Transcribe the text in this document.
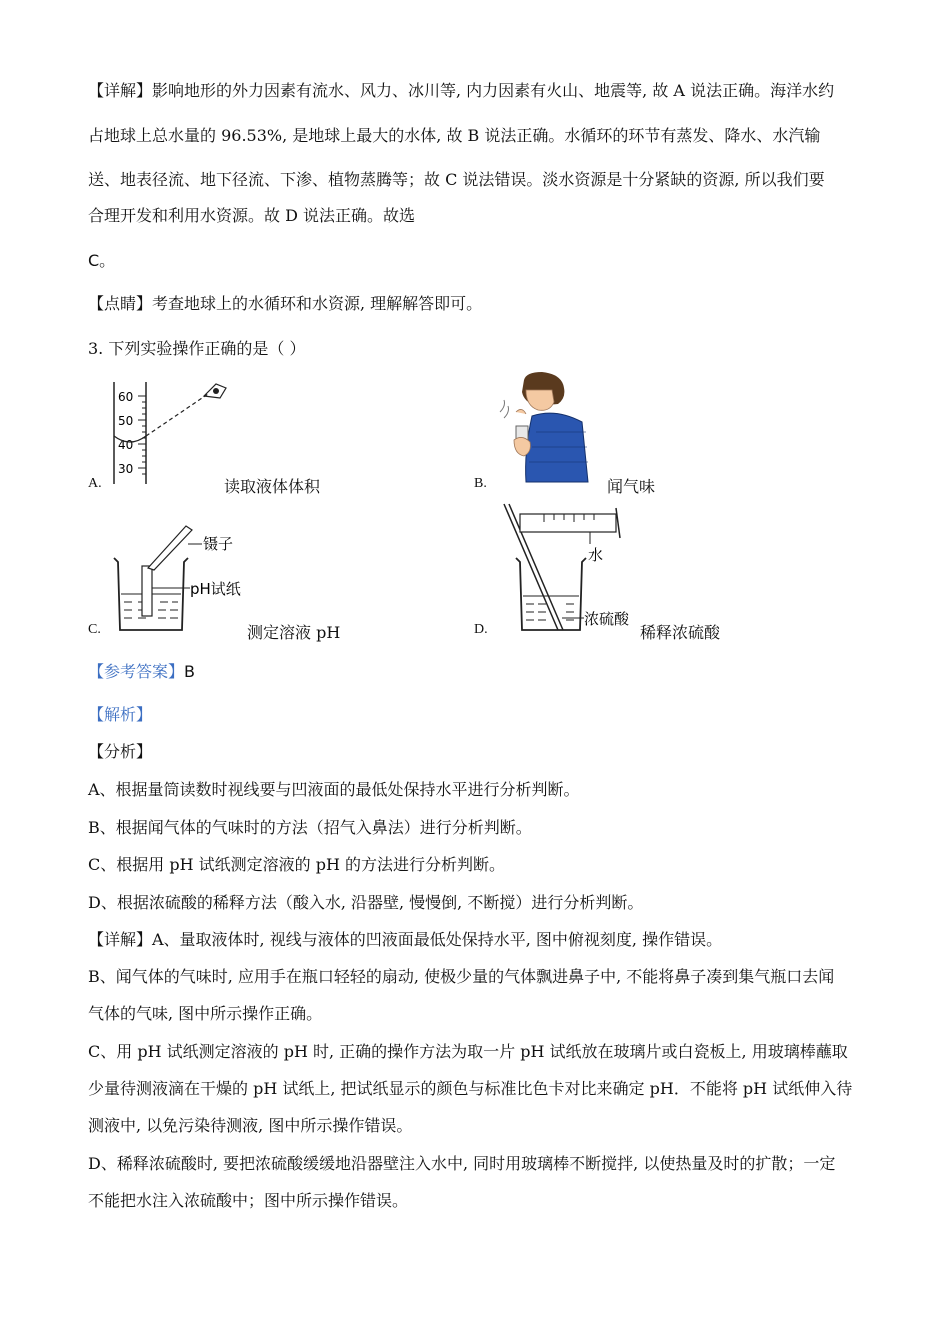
【详解】影响地形的外力因素有流水、风力、冰川等, 内力因素有火山、地震等, 故 A 说法正确。海洋水约
占地球上总水量的 96.53%, 是地球上最大的水体, 故 B 说法正确。水循环的环节有蒸发、降水、水汽输
送、地表径流、地下径流、下渗、植物蒸腾等；故 C 说法错误。淡水资源是十分紧缺的资源, 所以我们要
合理开发和利用水资源。故 D 说法正确。故选
C。
【点睛】考查地球上的水循环和水资源, 理解解答即可。
3. 下列实验操作正确的是（ ）
60
50
40
30
A.	读取液体体积	B.	闻气味
镊子
pH试纸
C.	测定溶液 pH
水
浓硫酸
D.	稀释浓硫酸
【参考答案】B
【解析】
【分析】
A、根据量筒读数时视线要与凹液面的最低处保持水平进行分析判断。
B、根据闻气体的气味时的方法（招气入鼻法）进行分析判断。
C、根据用 pH 试纸测定溶液的 pH 的方法进行分析判断。
D、根据浓硫酸的稀释方法（酸入水, 沿器壁, 慢慢倒, 不断搅）进行分析判断。
【详解】A、量取液体时, 视线与液体的凹液面最低处保持水平, 图中俯视刻度, 操作错误。
B、闻气体的气味时, 应用手在瓶口轻轻的扇动, 使极少量的气体飘进鼻子中, 不能将鼻子凑到集气瓶口去闻
气体的气味, 图中所示操作正确。
C、用 pH 试纸测定溶液的 pH 时, 正确的操作方法为取一片 pH 试纸放在玻璃片或白瓷板上, 用玻璃棒蘸取
少量待测液滴在干燥的 pH 试纸上, 把试纸显示的颜色与标准比色卡对比来确定 pH．不能将 pH 试纸伸入待
测液中, 以免污染待测液, 图中所示操作错误。
D、稀释浓硫酸时, 要把浓硫酸缓缓地沿器壁注入水中, 同时用玻璃棒不断搅拌, 以使热量及时的扩散；一定
不能把水注入浓硫酸中；图中所示操作错误。
